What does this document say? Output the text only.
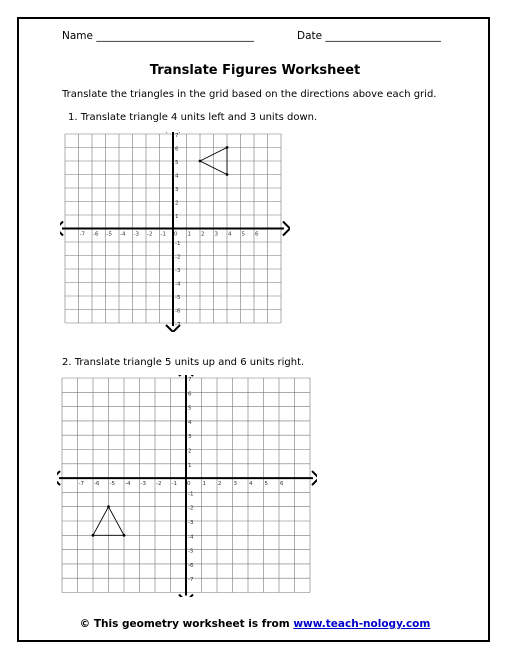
Name ______________________________	Date ______________________
Translate Figures Worksheet
Translate the triangles in the grid based on the directions above each grid.
1. Translate triangle 4 units left and 3 units down.
-7 -6 -5 -4 -3 -2 -1 0 1 2 3 4 5 6
7
6
5
4
3
2
1
-1
-2
-3
-4
-5
-6
-7
2. Translate triangle 5 units up and 6 units right.
-7 -6 -5 -4 -3 -2 -1 0 1 2 3 4 5 6
7
6
5
4
3
2
1
-1
-2
-3
-4
-5
-6
-7
© This geometry worksheet is from www.teach-nology.com
